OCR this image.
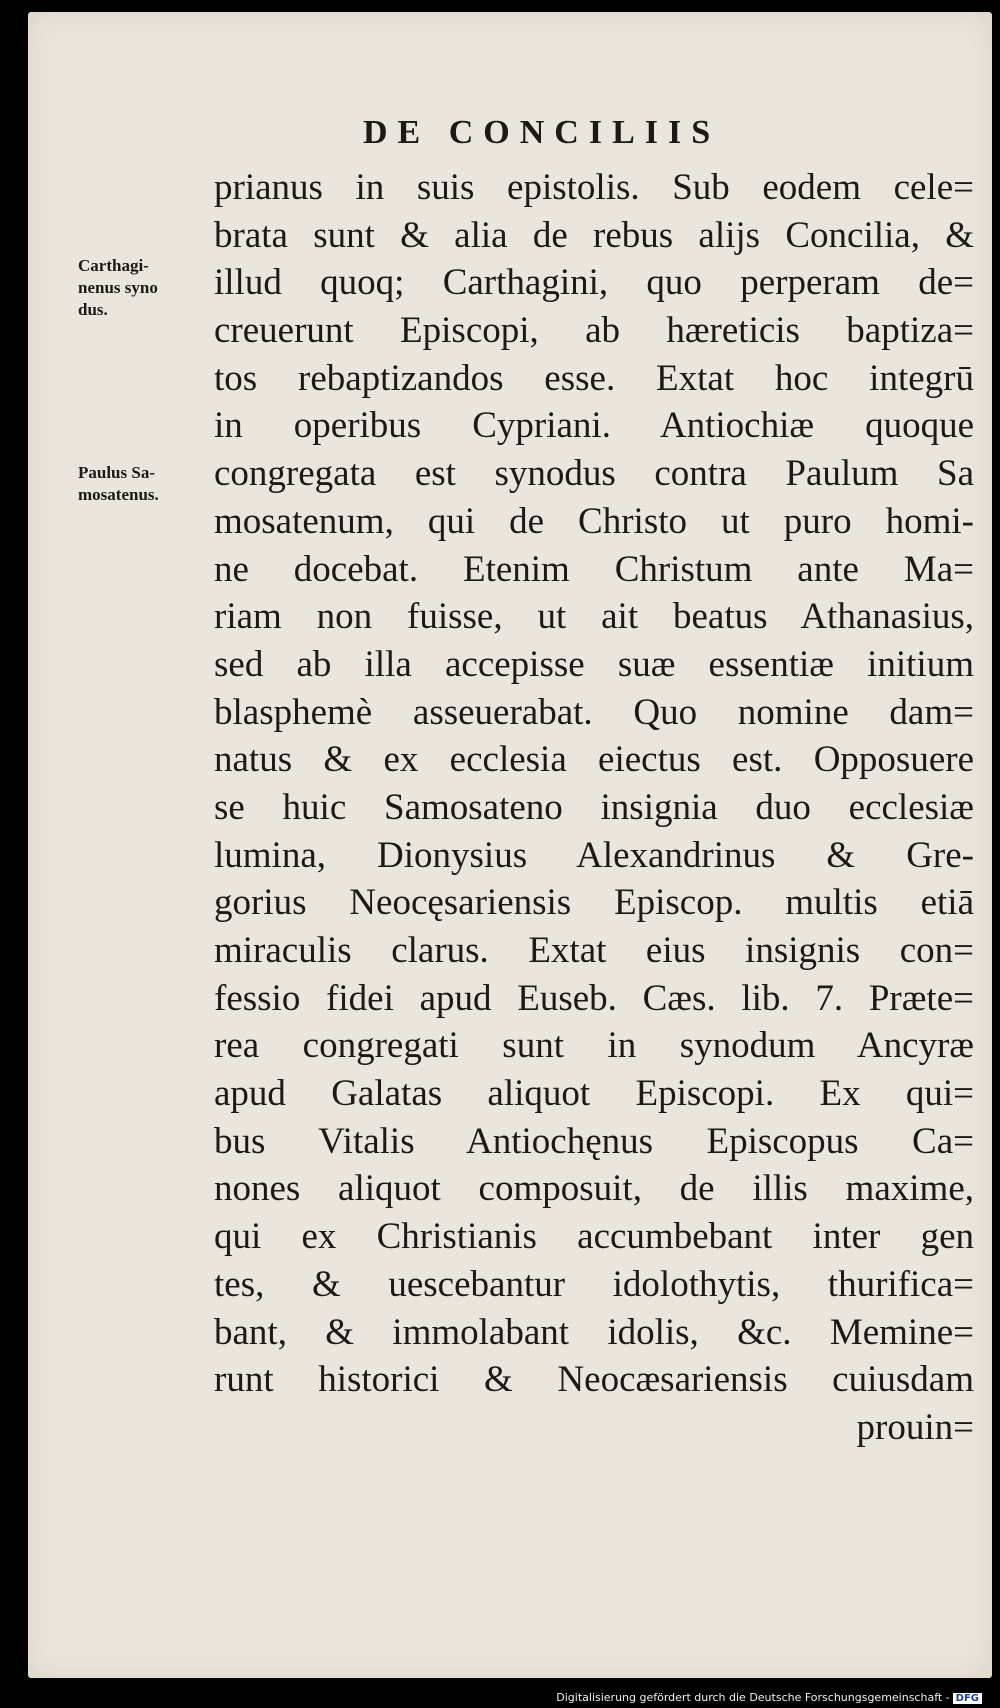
DE CONCILIIS
Carthagi-
nenus syno
dus.
Paulus Sa-
mosatenus.
prianus in suis epistolis. Sub eodem cele=
brata sunt & alia de rebus alijs Concilia, &
illud quoq; Carthagini, quo perperam de=
creuerunt Episcopi, ab hæreticis baptiza=
tos rebaptizandos esse. Extat hoc integrū
in operibus Cypriani. Antiochiæ quoque
congregata est synodus contra Paulum Sa
mosatenum, qui de Christo ut puro homi-
ne docebat. Etenim Christum ante Ma=
riam non fuisse, ut ait beatus Athanasius,
sed ab illa accepisse suæ essentiæ initium
blasphemè asseuerabat. Quo nomine dam=
natus & ex ecclesia eiectus est. Opposuere
se huic Samosateno insignia duo ecclesiæ
lumina, Dionysius Alexandrinus & Gre-
gorius Neocęsariensis Episcop. multis etiā
miraculis clarus. Extat eius insignis con=
fessio fidei apud Euseb. Cæs. lib. 7. Præte=
rea congregati sunt in synodum Ancyræ
apud Galatas aliquot Episcopi. Ex qui=
bus Vitalis Antiochęnus Episcopus Ca=
nones aliquot composuit, de illis maxime,
qui ex Christianis accumbebant inter gen
tes, & uescebantur idolothytis, thurifica=
bant, & immolabant idolis, &c. Memine=
runt historici & Neocæsariensis cuiusdam
prouin=
Digitalisierung gefördert durch die Deutsche Forschungsgemeinschaft - DFG
